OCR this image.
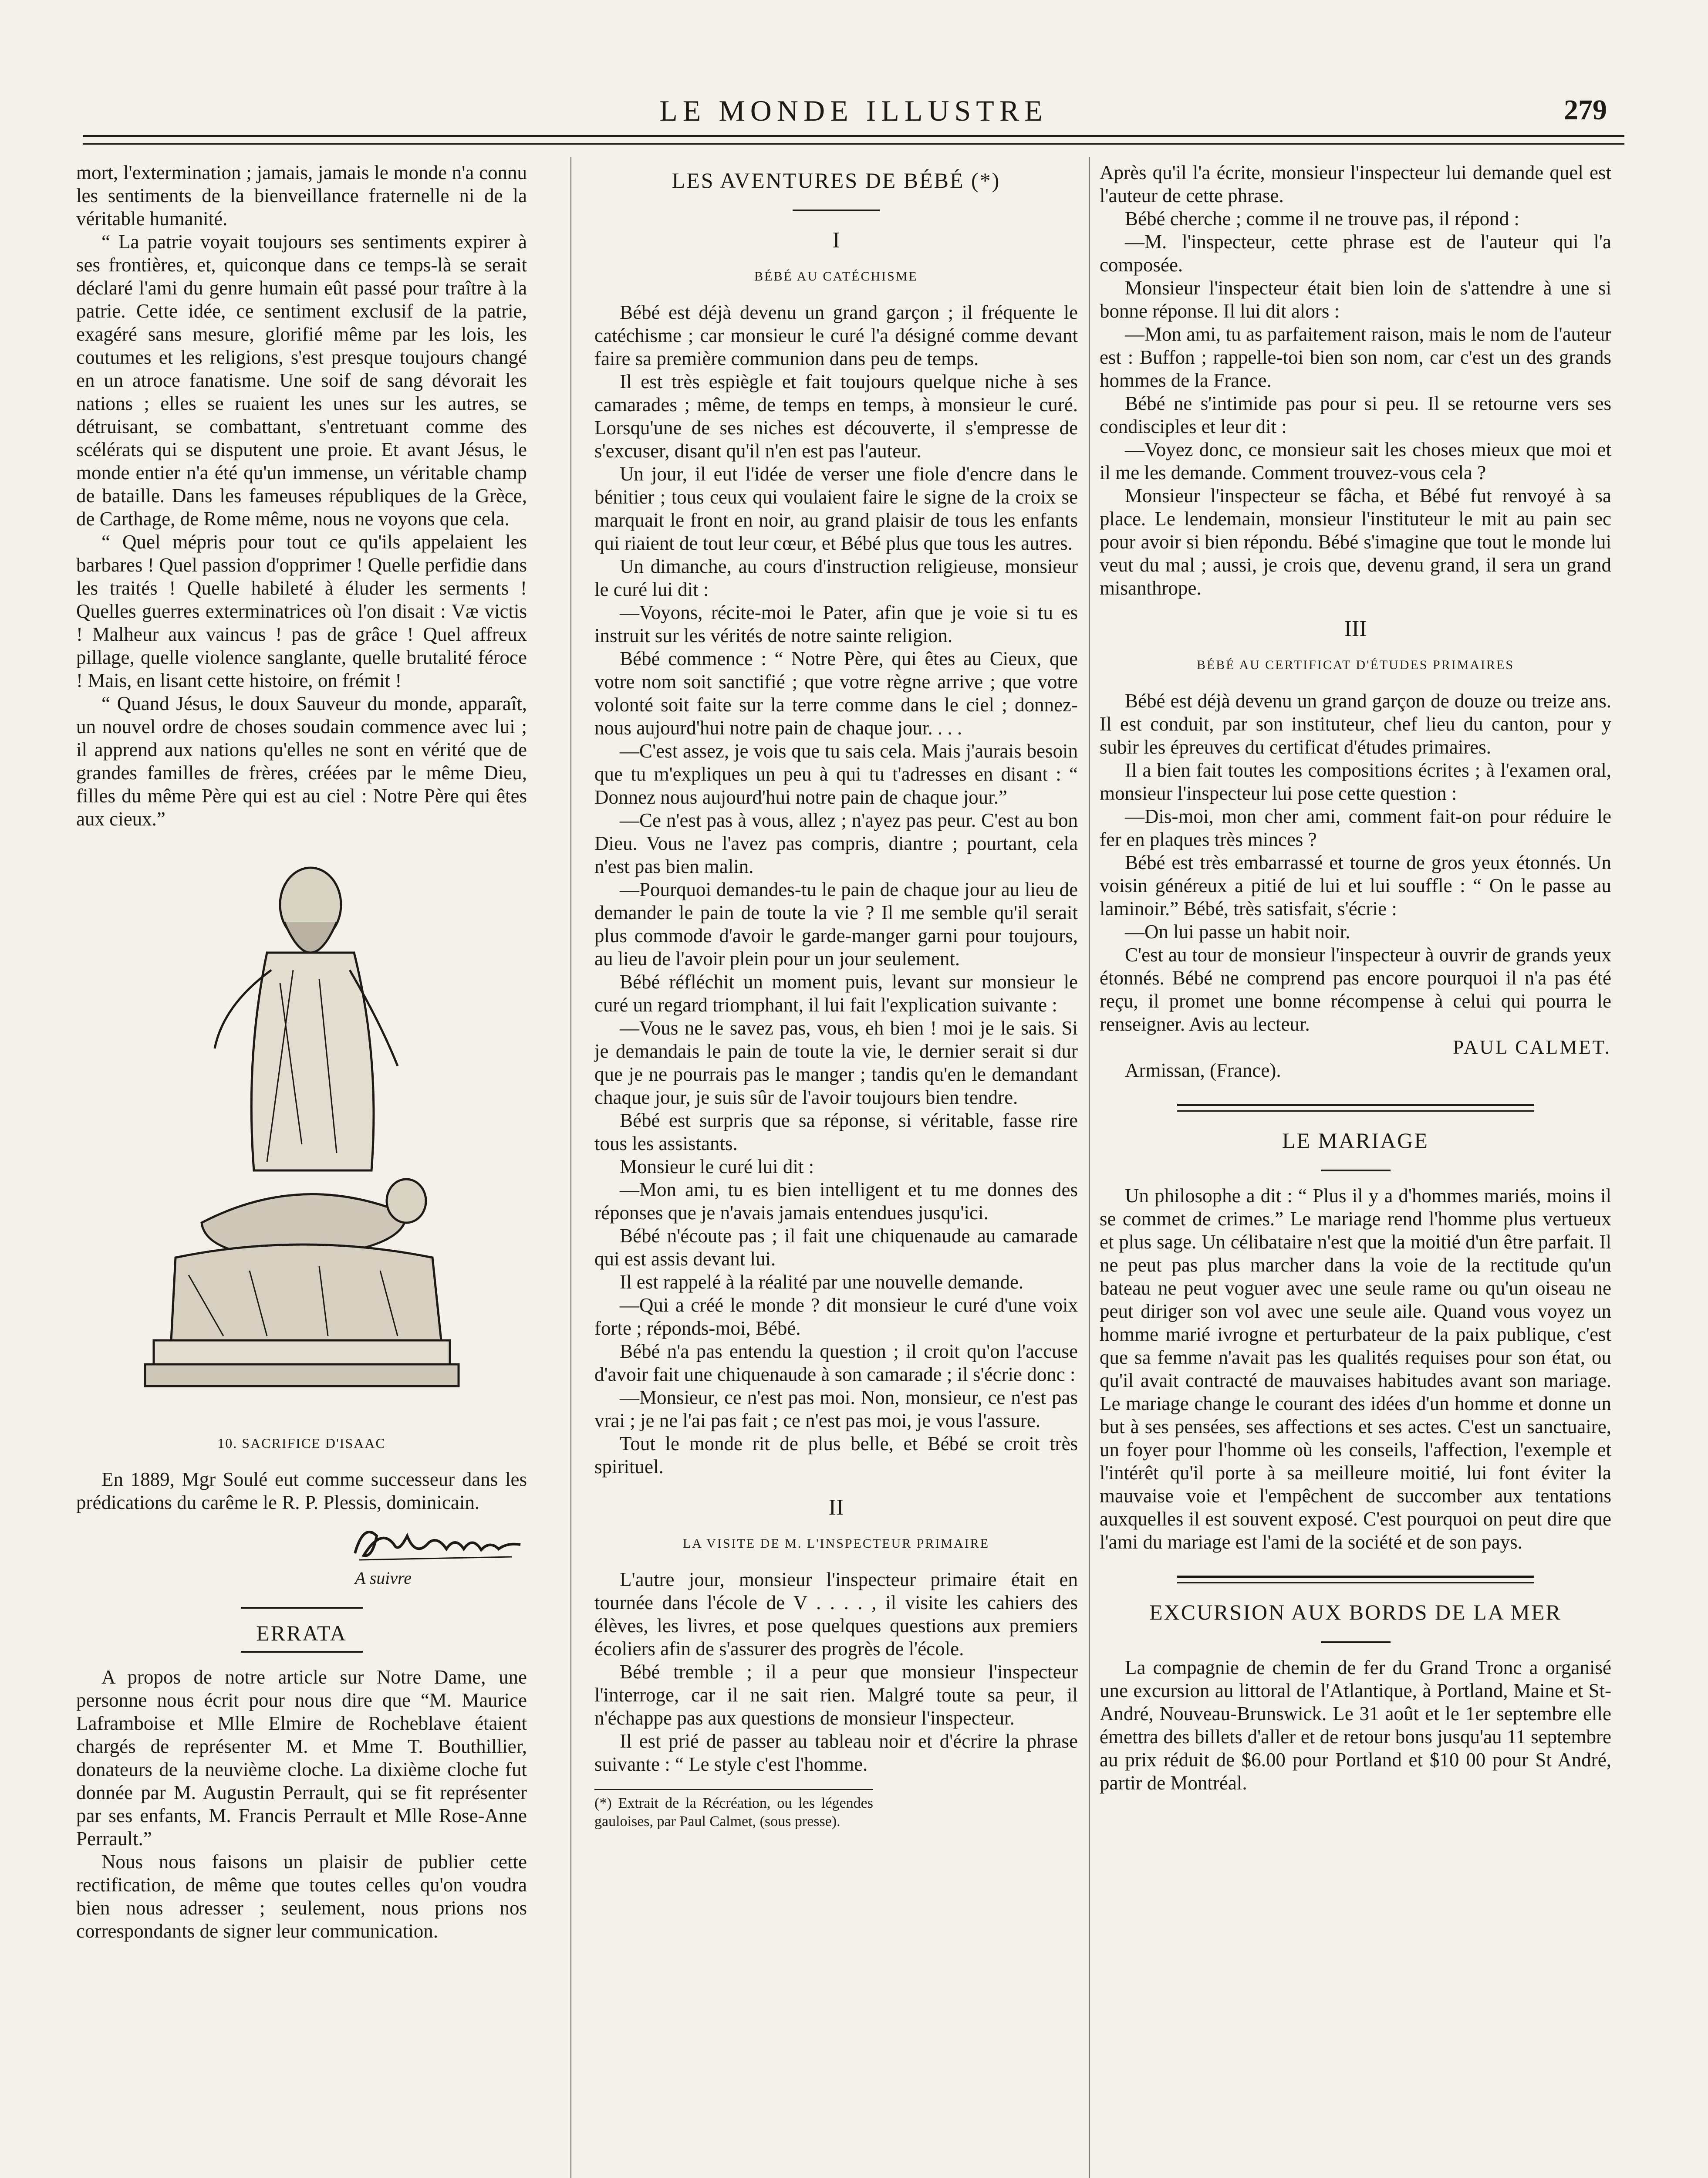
LE MONDE ILLUSTRE	279

mort, l'extermination ; jamais, jamais le monde n'a connu les sentiments de la bienveillance fraternelle ni de la véritable humanité.

“ La patrie voyait toujours ses sentiments expirer à ses frontières, et, quiconque dans ce temps-là se serait déclaré l'ami du genre humain eût passé pour traître à la patrie. Cette idée, ce sentiment exclusif de la patrie, exagéré sans mesure, glorifié même par les lois, les coutumes et les religions, s'est presque toujours changé en un atroce fanatisme. Une soif de sang dévorait les nations ; elles se ruaient les unes sur les autres, se détruisant, se combattant, s'entretuant comme des scélérats qui se disputent une proie. Et avant Jésus, le monde entier n'a été qu'un immense, un véritable champ de bataille. Dans les fameuses républiques de la Grèce, de Carthage, de Rome même, nous ne voyons que cela.

“ Quel mépris pour tout ce qu'ils appelaient les barbares ! Quel passion d'opprimer ! Quelle perfidie dans les traités ! Quelle habileté à éluder les serments ! Quelles guerres exterminatrices où l'on disait : Væ victis ! Malheur aux vaincus ! pas de grâce ! Quel affreux pillage, quelle violence sanglante, quelle brutalité féroce ! Mais, en lisant cette histoire, on frémit !

“ Quand Jésus, le doux Sauveur du monde, apparaît, un nouvel ordre de choses soudain commence avec lui ; il apprend aux nations qu'elles ne sont en vérité que de grandes familles de frères, créées par le même Dieu, filles du même Père qui est au ciel : Notre Père qui êtes aux cieux.”

10. SACRIFICE D'ISAAC

En 1889, Mgr Soulé eut comme successeur dans les prédications du carême le R. P. Plessis, dominicain.

A suivre
ERRATA

A propos de notre article sur Notre Dame, une personne nous écrit pour nous dire que “M. Maurice Laframboise et Mlle Elmire de Rocheblave étaient chargés de représenter M. et Mme T. Bouthillier, donateurs de la neuvième cloche. La dixième cloche fut donnée par M. Augustin Perrault, qui se fit représenter par ses enfants, M. Francis Perrault et Mlle Rose-Anne Perrault.”

Nous nous faisons un plaisir de publier cette rectification, de même que toutes celles qu'on voudra bien nous adresser ; seulement, nous prions nos correspondants de signer leur communication.

LES AVENTURES DE BÉBÉ (*)
I
BÉBÉ AU CATÉCHISME

Bébé est déjà devenu un grand garçon ; il fréquente le catéchisme ; car monsieur le curé l'a désigné comme devant faire sa première communion dans peu de temps.

Il est très espiègle et fait toujours quelque niche à ses camarades ; même, de temps en temps, à monsieur le curé. Lorsqu'une de ses niches est découverte, il s'empresse de s'excuser, disant qu'il n'en est pas l'auteur.

Un jour, il eut l'idée de verser une fiole d'encre dans le bénitier ; tous ceux qui voulaient faire le signe de la croix se marquait le front en noir, au grand plaisir de tous les enfants qui riaient de tout leur cœur, et Bébé plus que tous les autres.

Un dimanche, au cours d'instruction religieuse, monsieur le curé lui dit :

—Voyons, récite-moi le Pater, afin que je voie si tu es instruit sur les vérités de notre sainte religion.

Bébé commence : “ Notre Père, qui êtes au Cieux, que votre nom soit sanctifié ; que votre règne arrive ; que votre volonté soit faite sur la terre comme dans le ciel ; donnez-nous aujourd'hui notre pain de chaque jour. . . .

—C'est assez, je vois que tu sais cela. Mais j'aurais besoin que tu m'expliques un peu à qui tu t'adresses en disant : “ Donnez nous aujourd'hui notre pain de chaque jour.”

—Ce n'est pas à vous, allez ; n'ayez pas peur. C'est au bon Dieu. Vous ne l'avez pas compris, diantre ; pourtant, cela n'est pas bien malin.

—Pourquoi demandes-tu le pain de chaque jour au lieu de demander le pain de toute la vie ? Il me semble qu'il serait plus commode d'avoir le garde-manger garni pour toujours, au lieu de l'avoir plein pour un jour seulement.

Bébé réfléchit un moment puis, levant sur monsieur le curé un regard triomphant, il lui fait l'explication suivante :

—Vous ne le savez pas, vous, eh bien ! moi je le sais. Si je demandais le pain de toute la vie, le dernier serait si dur que je ne pourrais pas le manger ; tandis qu'en le demandant chaque jour, je suis sûr de l'avoir toujours bien tendre.

Bébé est surpris que sa réponse, si véritable, fasse rire tous les assistants.

Monsieur le curé lui dit :

—Mon ami, tu es bien intelligent et tu me donnes des réponses que je n'avais jamais entendues jusqu'ici.

Bébé n'écoute pas ; il fait une chiquenaude au camarade qui est assis devant lui.

Il est rappelé à la réalité par une nouvelle demande.

—Qui a créé le monde ? dit monsieur le curé d'une voix forte ; réponds-moi, Bébé.

Bébé n'a pas entendu la question ; il croit qu'on l'accuse d'avoir fait une chiquenaude à son camarade ; il s'écrie donc :

—Monsieur, ce n'est pas moi. Non, monsieur, ce n'est pas vrai ; je ne l'ai pas fait ; ce n'est pas moi, je vous l'assure.

Tout le monde rit de plus belle, et Bébé se croit très spirituel.

II
LA VISITE DE M. L'INSPECTEUR PRIMAIRE

L'autre jour, monsieur l'inspecteur primaire était en tournée dans l'école de V . . . . , il visite les cahiers des élèves, les livres, et pose quelques questions aux premiers écoliers afin de s'assurer des progrès de l'école.

Bébé tremble ; il a peur que monsieur l'inspecteur l'interroge, car il ne sait rien. Malgré toute sa peur, il n'échappe pas aux questions de monsieur l'inspecteur.

Il est prié de passer au tableau noir et d'écrire la phrase suivante : “ Le style c'est l'homme.

(*) Extrait de la Récréation, ou les légendes gauloises, par Paul Calmet, (sous presse).

Après qu'il l'a écrite, monsieur l'inspecteur lui demande quel est l'auteur de cette phrase.

Bébé cherche ; comme il ne trouve pas, il répond :

—M. l'inspecteur, cette phrase est de l'auteur qui l'a composée.

Monsieur l'inspecteur était bien loin de s'attendre à une si bonne réponse. Il lui dit alors :

—Mon ami, tu as parfaitement raison, mais le nom de l'auteur est : Buffon ; rappelle-toi bien son nom, car c'est un des grands hommes de la France.

Bébé ne s'intimide pas pour si peu. Il se retourne vers ses condisciples et leur dit :

—Voyez donc, ce monsieur sait les choses mieux que moi et il me les demande. Comment trouvez-vous cela ?

Monsieur l'inspecteur se fâcha, et Bébé fut renvoyé à sa place. Le lendemain, monsieur l'instituteur le mit au pain sec pour avoir si bien répondu. Bébé s'imagine que tout le monde lui veut du mal ; aussi, je crois que, devenu grand, il sera un grand misanthrope.

III
BÉBÉ AU CERTIFICAT D'ÉTUDES PRIMAIRES

Bébé est déjà devenu un grand garçon de douze ou treize ans. Il est conduit, par son instituteur, chef lieu du canton, pour y subir les épreuves du certificat d'études primaires.

Il a bien fait toutes les compositions écrites ; à l'examen oral, monsieur l'inspecteur lui pose cette question :

—Dis-moi, mon cher ami, comment fait-on pour réduire le fer en plaques très minces ?

Bébé est très embarrassé et tourne de gros yeux étonnés. Un voisin généreux a pitié de lui et lui souffle : “ On le passe au laminoir.” Bébé, très satisfait, s'écrie :

—On lui passe un habit noir.

C'est au tour de monsieur l'inspecteur à ouvrir de grands yeux étonnés. Bébé ne comprend pas encore pourquoi il n'a pas été reçu, il promet une bonne récompense à celui qui pourra le renseigner. Avis au lecteur.

PAUL CALMET.

Armissan, (France).

LE MARIAGE

Un philosophe a dit : “ Plus il y a d'hommes mariés, moins il se commet de crimes.” Le mariage rend l'homme plus vertueux et plus sage. Un célibataire n'est que la moitié d'un être parfait. Il ne peut pas plus marcher dans la voie de la rectitude qu'un bateau ne peut voguer avec une seule rame ou qu'un oiseau ne peut diriger son vol avec une seule aile. Quand vous voyez un homme marié ivrogne et perturbateur de la paix publique, c'est que sa femme n'avait pas les qualités requises pour son état, ou qu'il avait contracté de mauvaises habitudes avant son mariage. Le mariage change le courant des idées d'un homme et donne un but à ses pensées, ses affections et ses actes. C'est un sanctuaire, un foyer pour l'homme où les conseils, l'affection, l'exemple et l'intérêt qu'il porte à sa meilleure moitié, lui font éviter la mauvaise voie et l'empêchent de succomber aux tentations auxquelles il est souvent exposé. C'est pourquoi on peut dire que l'ami du mariage est l'ami de la société et de son pays.

EXCURSION AUX BORDS DE LA MER

La compagnie de chemin de fer du Grand Tronc a organisé une excursion au littoral de l'Atlantique, à Portland, Maine et St-André, Nouveau-Brunswick. Le 31 août et le 1er septembre elle émettra des billets d'aller et de retour bons jusqu'au 11 septembre au prix réduit de $6.00 pour Portland et $10 00 pour St André, partir de Montréal.
